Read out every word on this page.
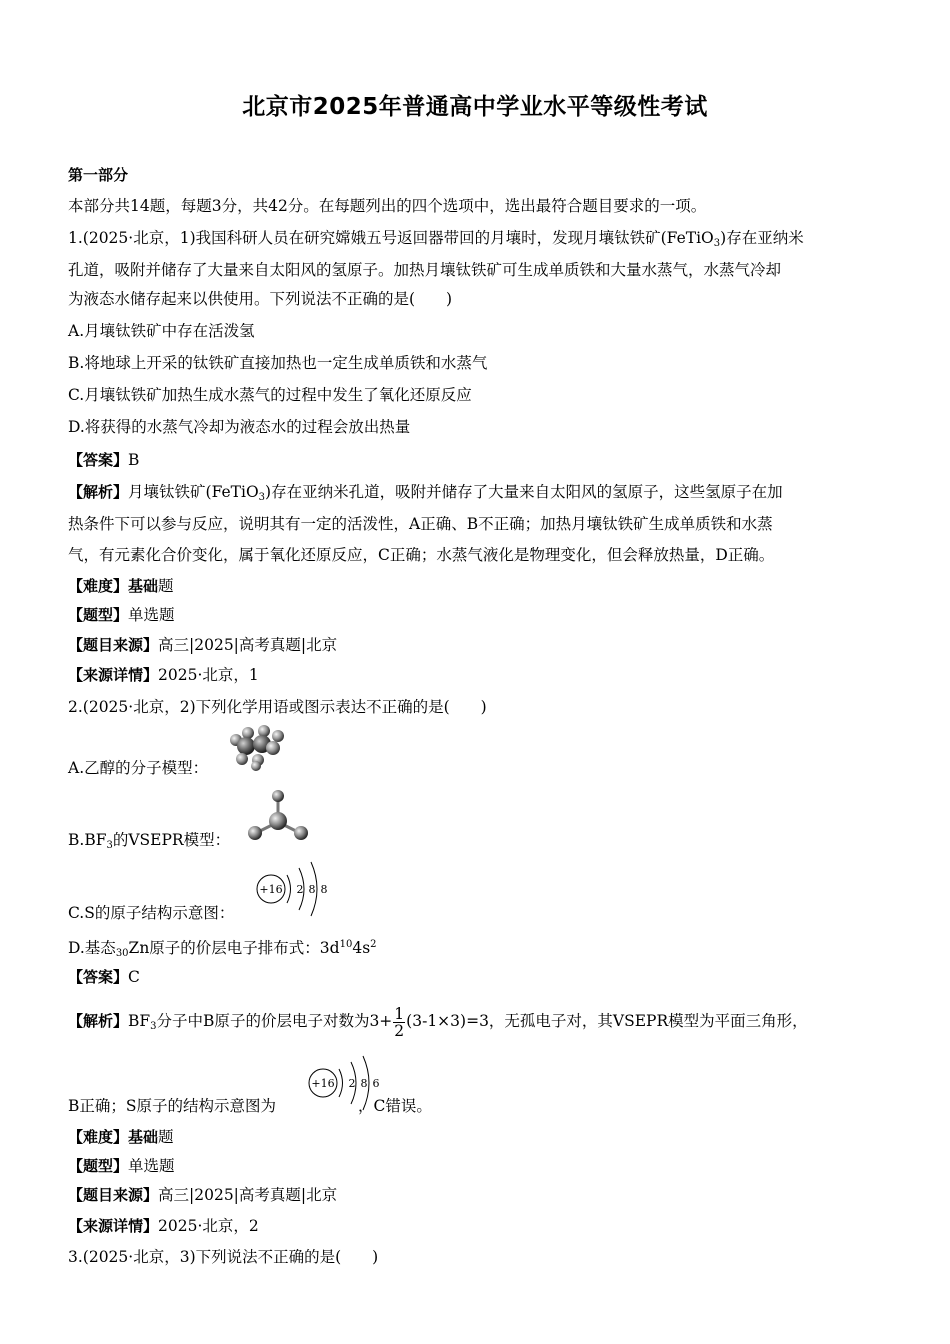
北京市2025年普通高中学业水平等级性考试
第一部分
本部分共14题，每题3分，共42分。在每题列出的四个选项中，选出最符合题目要求的一项。
1.(2025·北京，1)我国科研人员在研究嫦娥五号返回器带回的月壤时，发现月壤钛铁矿(FeTiO$_3$)存在亚纳米
孔道，吸附并储存了大量来自太阳风的氢原子。加热月壤钛铁矿可生成单质铁和大量水蒸气，水蒸气冷却
为液态水储存起来以供使用。下列说法不正确的是(　　)
A.月壤钛铁矿中存在活泼氢
B.将地球上开采的钛铁矿直接加热也一定生成单质铁和水蒸气
C.月壤钛铁矿加热生成水蒸气的过程中发生了氧化还原反应
D.将获得的水蒸气冷却为液态水的过程会放出热量
【答案】B
【解析】月壤钛铁矿(FeTiO$_3$)存在亚纳米孔道，吸附并储存了大量来自太阳风的氢原子，这些氢原子在加
热条件下可以参与反应，说明其有一定的活泼性，A正确、B不正确；加热月壤钛铁矿生成单质铁和水蒸
气，有元素化合价变化，属于氧化还原反应，C正确；水蒸气液化是物理变化，但会释放热量，D正确。
【难度】基础题
【题型】单选题
【题目来源】高三|2025|高考真题|北京
【来源详情】2025·北京，1
2.(2025·北京，2)下列化学用语或图示表达不正确的是(　　)
A.乙醇的分子模型：
$B.BF_3$的VSEPR模型：
C.S的原子结构示意图：
+16 2 8 8
D.基态$_{30}$Zn原子的价层电子排布式：$3d^{10}4s^2$
【答案】C
【解析】$BF_3$分子中B原子的价层电子对数为$3+ \frac{1}{2} (3-1\times 3)=3$，无孤电子对，其VSEPR模型为平面三角形，
B正确；S原子的结构示意图为	，C错误。
+16 2 8 6
【难度】基础题
【题型】单选题
【题目来源】高三|2025|高考真题|北京
【来源详情】2025·北京，2
3.(2025·北京，3)下列说法不正确的是(　　)
